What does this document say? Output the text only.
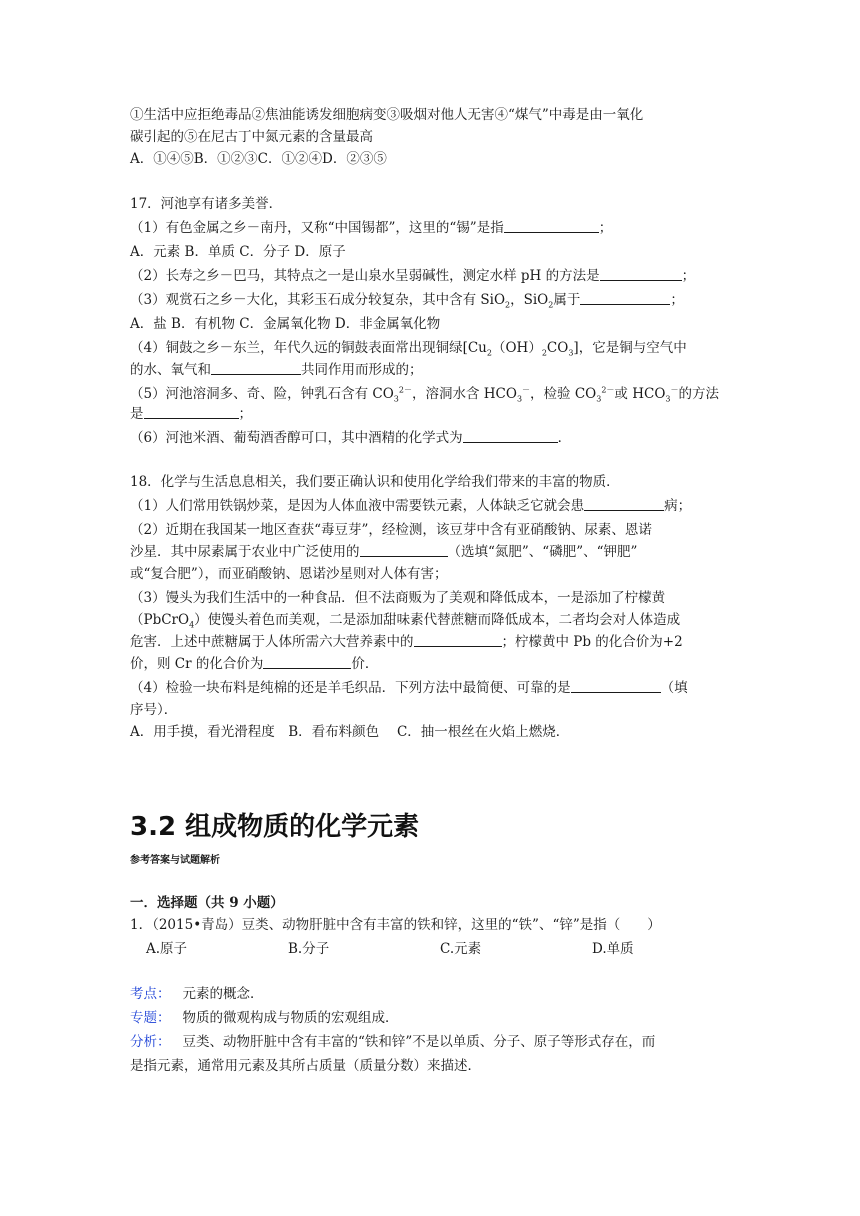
①生活中应拒绝毒品②焦油能诱发细胞病变③吸烟对他人无害④“煤气”中毒是由一氧化
碳引起的⑤在尼古丁中氮元素的含量最高
A．①④⑤B．①②③C．①②④D．②③⑤
17．河池享有诸多美誉．
（1）有色金属之乡－南丹，又称“中国锡都”，这里的“锡”是指	；
A．元素 B．单质 C．分子 D．原子
（2）长寿之乡－巴马，其特点之一是山泉水呈弱碱性，测定水样 pH 的方法是	；
（3）观赏石之乡－大化，其彩玉石成分较复杂，其中含有 SiO$_2$，SiO$_2$属于	；
A．盐 B．有机物 C．金属氧化物 D．非金属氧化物
（4）铜鼓之乡－东兰，年代久远的铜鼓表面常出现铜绿$[Cu_2(OH)_2CO_3]$，它是铜与空气中
的水、氧气和	共同作用而形成的；
（5）河池溶洞多、奇、险，钟乳石含有 $CO_3^{2-}$，溶洞水含 $HCO_3^-$，检验 $CO_3^{2-}$或 $HCO_3^-$的方法
是	；
（6）河池米酒、葡萄酒香醇可口，其中酒精的化学式为	．
18．化学与生活息息相关，我们要正确认识和使用化学给我们带来的丰富的物质．
（1）人们常用铁锅炒菜，是因为人体血液中需要铁元素，人体缺乏它就会患	病；
（2）近期在我国某一地区查获“毒豆芽”，经检测，该豆芽中含有亚硝酸钠、尿素、恩诺
沙星．其中尿素属于农业中广泛使用的	（选填“氮肥”、“磷肥”、“钾肥”
或“复合肥”），而亚硝酸钠、恩诺沙星则对人体有害；
（3）馒头为我们生活中的一种食品．但不法商贩为了美观和降低成本，一是添加了柠檬黄
（PbCrO$_4$）使馒头着色而美观，二是添加甜味素代替蔗糖而降低成本，二者均会对人体造成
危害．上述中蔗糖属于人体所需六大营养素中的	；柠檬黄中 Pb 的化合价为+2
价，则 Cr 的化合价为	价．
（4）检验一块布料是纯棉的还是羊毛织品．下列方法中最简便、可靠的是	（填
序号）．
A．用手摸，看光滑程度　B．看布料颜色　 C．抽一根丝在火焰上燃烧．
3.2 组成物质的化学元素
参考答案与试题解析
一．选择题（共 9 小题）
1．（2015•青岛）豆类、动物肝脏中含有丰富的铁和锌，这里的“铁”、“锌”是指（　　）
A.原子	B.分子	C.元素	D.单质
考点： 元素的概念．
专题： 物质的微观构成与物质的宏观组成．
分析： 豆类、动物肝脏中含有丰富的“铁和锌”不是以单质、分子、原子等形式存在，而
是指元素，通常用元素及其所占质量（质量分数）来描述．
